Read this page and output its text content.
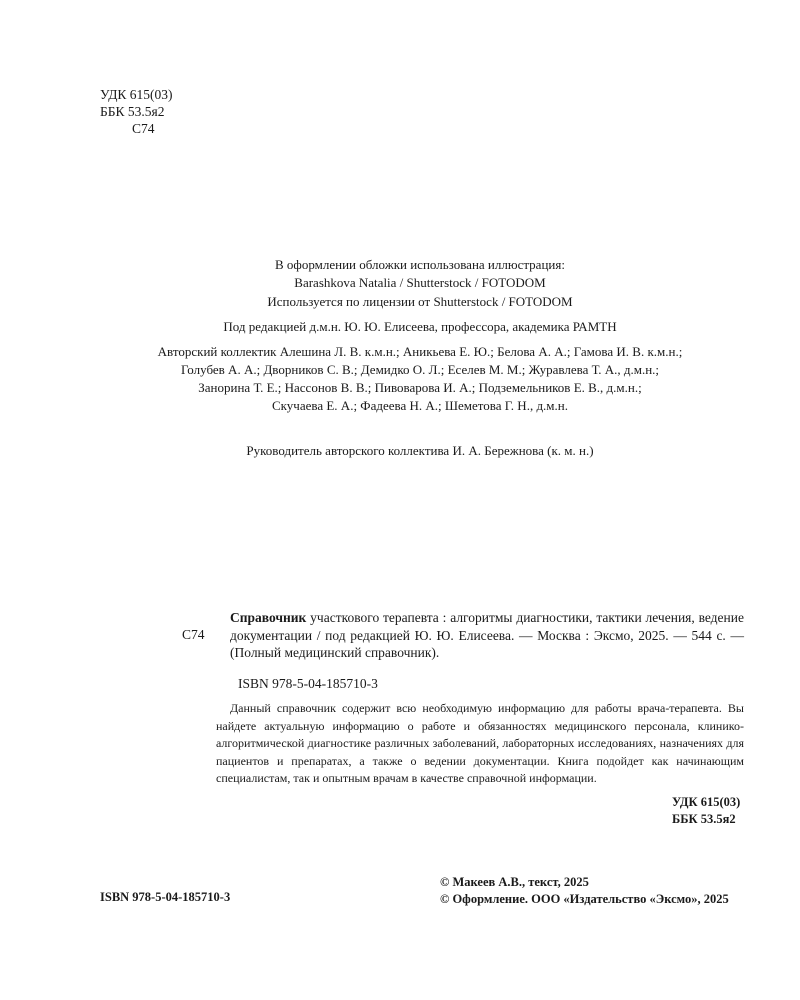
УДК 615(03)
ББК 53.5я2
С74
В оформлении обложки использована иллюстрация:
Barashkova Natalia / Shutterstock / FOTODOM
Используется по лицензии от Shutterstock / FOTODOM
Под редакцией д.м.н. Ю. Ю. Елисеева, профессора, академика РАМТН
Авторский коллектик Алешина Л. В. к.м.н.; Аникьева Е. Ю.; Белова А. А.; Гамова И. В. к.м.н.;
Голубев А. А.; Дворников С. В.; Демидко О. Л.; Еселев М. М.; Журавлева Т. А., д.м.н.;
Занорина Т. Е.; Нассонов В. В.; Пивоварова И. А.; Подземельников Е. В., д.м.н.;
Скучаева Е. А.; Фадеева Н. А.; Шеметова Г. Н., д.м.н.
Руководитель авторского коллектива И. А. Бережнова (к. м. н.)
С74
Справочник участкового терапевта : алгоритмы диагностики, тактики лечения, ведение документации / под редакцией Ю. Ю. Елисеева. — Москва : Эксмо, 2025. — 544 с. — (Полный медицинский справочник).
ISBN 978-5-04-185710-3
Данный справочник содержит всю необходимую информацию для работы врача-терапевта. Вы найдете актуальную информацию о работе и обязанностях медицинского персонала, клинико-алгоритмической диагностике различных заболеваний, лабораторных исследованиях, назначениях для пациентов и препаратах, а также о ведении документации. Книга подойдет как начинающим специалистам, так и опытным врачам в качестве справочной информации.
УДК 615(03)
ББК 53.5я2
ISBN 978-5-04-185710-3
© Макеев А.В., текст, 2025
© Оформление. ООО «Издательство «Эксмо», 2025
